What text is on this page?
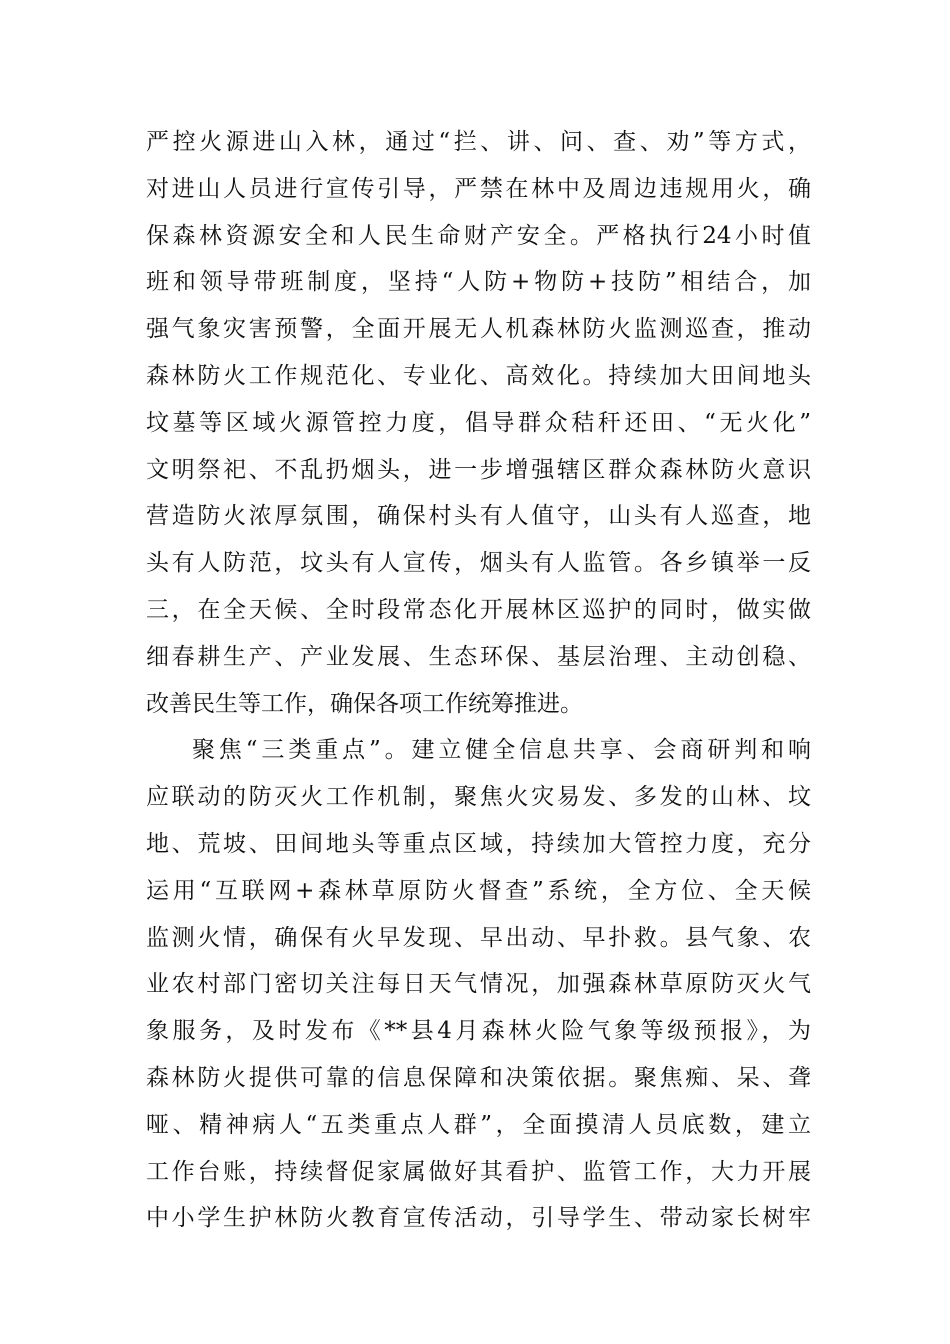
严控火源进山入林，通过“拦、讲、问、查、劝”等方式，
对进山人员进行宣传引导，严禁在林中及周边违规用火，确
保森林资源安全和人民生命财产安全。严格执行24小时值
班和领导带班制度，坚持“人防+物防+技防”相结合，加
强气象灾害预警，全面开展无人机森林防火监测巡查，推动
森林防火工作规范化、专业化、高效化。持续加大田间地头
坟墓等区域火源管控力度，倡导群众秸秆还田、“无火化”
文明祭祀、不乱扔烟头，进一步增强辖区群众森林防火意识
营造防火浓厚氛围，确保村头有人值守，山头有人巡查，地
头有人防范，坟头有人宣传，烟头有人监管。各乡镇举一反
三，在全天候、全时段常态化开展林区巡护的同时，做实做
细春耕生产、产业发展、生态环保、基层治理、主动创稳、
改善民生等工作，确保各项工作统筹推进。
聚焦“三类重点”。建立健全信息共享、会商研判和响
应联动的防灭火工作机制，聚焦火灾易发、多发的山林、坟
地、荒坡、田间地头等重点区域，持续加大管控力度，充分
运用“互联网+森林草原防火督查”系统，全方位、全天候
监测火情，确保有火早发现、早出动、早扑救。县气象、农
业农村部门密切关注每日天气情况，加强森林草原防灭火气
象服务，及时发布《**县4月森林火险气象等级预报》，为
森林防火提供可靠的信息保障和决策依据。聚焦痴、呆、聋
哑、精神病人“五类重点人群”，全面摸清人员底数，建立
工作台账，持续督促家属做好其看护、监管工作，大力开展
中小学生护林防火教育宣传活动，引导学生、带动家长树牢
